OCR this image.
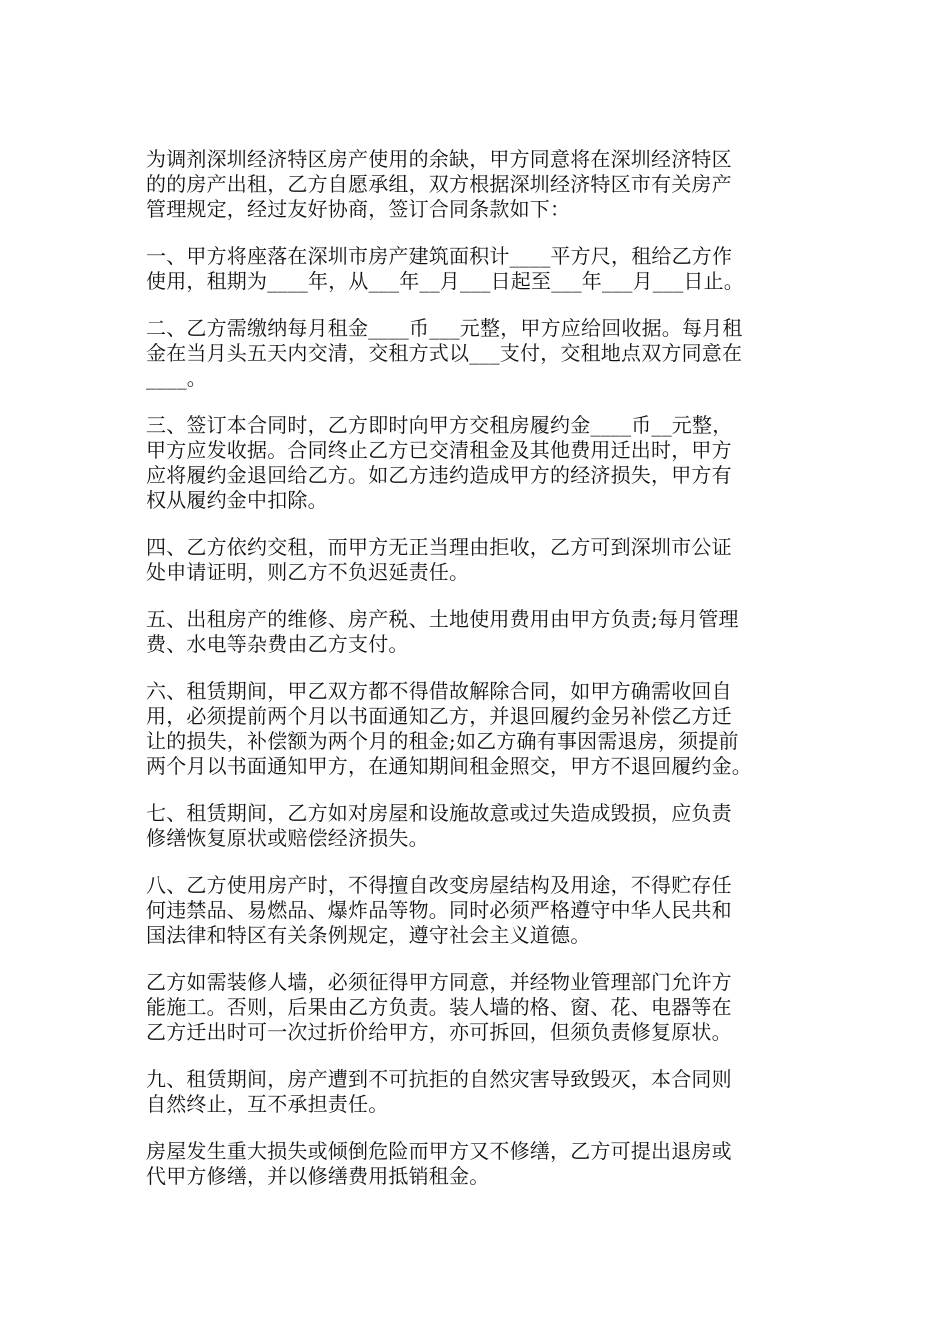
为调剂深圳经济特区房产使用的余缺，甲方同意将在深圳经济特区
的的房产出租，乙方自愿承组，双方根据深圳经济特区市有关房产
管理规定，经过友好协商，签订合同条款如下：

一、甲方将座落在深圳市房产建筑面积计____平方尺，租给乙方作
使用，租期为____年，从___年__月___日起至___年___月___日止。

二、乙方需缴纳每月租金____币___元整，甲方应给回收据。每月租
金在当月头五天内交清，交租方式以___支付，交租地点双方同意在
____。

三、签订本合同时，乙方即时向甲方交租房履约金____币__元整，
甲方应发收据。合同终止乙方已交清租金及其他费用迁出时，甲方
应将履约金退回给乙方。如乙方违约造成甲方的经济损失，甲方有
权从履约金中扣除。

四、乙方依约交租，而甲方无正当理由拒收，乙方可到深圳市公证
处申请证明，则乙方不负迟延责任。

五、出租房产的维修、房产税、土地使用费用由甲方负责;每月管理
费、水电等杂费由乙方支付。

六、租赁期间，甲乙双方都不得借故解除合同，如甲方确需收回自
用，必须提前两个月以书面通知乙方，并退回履约金另补偿乙方迁
让的损失，补偿额为两个月的租金;如乙方确有事因需退房，须提前
两个月以书面通知甲方，在通知期间租金照交，甲方不退回履约金。

七、租赁期间，乙方如对房屋和设施故意或过失造成毁损，应负责
修缮恢复原状或赔偿经济损失。

八、乙方使用房产时，不得擅自改变房屋结构及用途，不得贮存任
何违禁品、易燃品、爆炸品等物。同时必须严格遵守中华人民共和
国法律和特区有关条例规定，遵守社会主义道德。

乙方如需装修人墙，必须征得甲方同意，并经物业管理部门允许方
能施工。否则，后果由乙方负责。装人墙的格、窗、花、电器等在
乙方迁出时可一次过折价给甲方，亦可拆回，但须负责修复原状。

九、租赁期间，房产遭到不可抗拒的自然灾害导致毁灭，本合同则
自然终止，互不承担责任。

房屋发生重大损失或倾倒危险而甲方又不修缮，乙方可提出退房或
代甲方修缮，并以修缮费用抵销租金。
